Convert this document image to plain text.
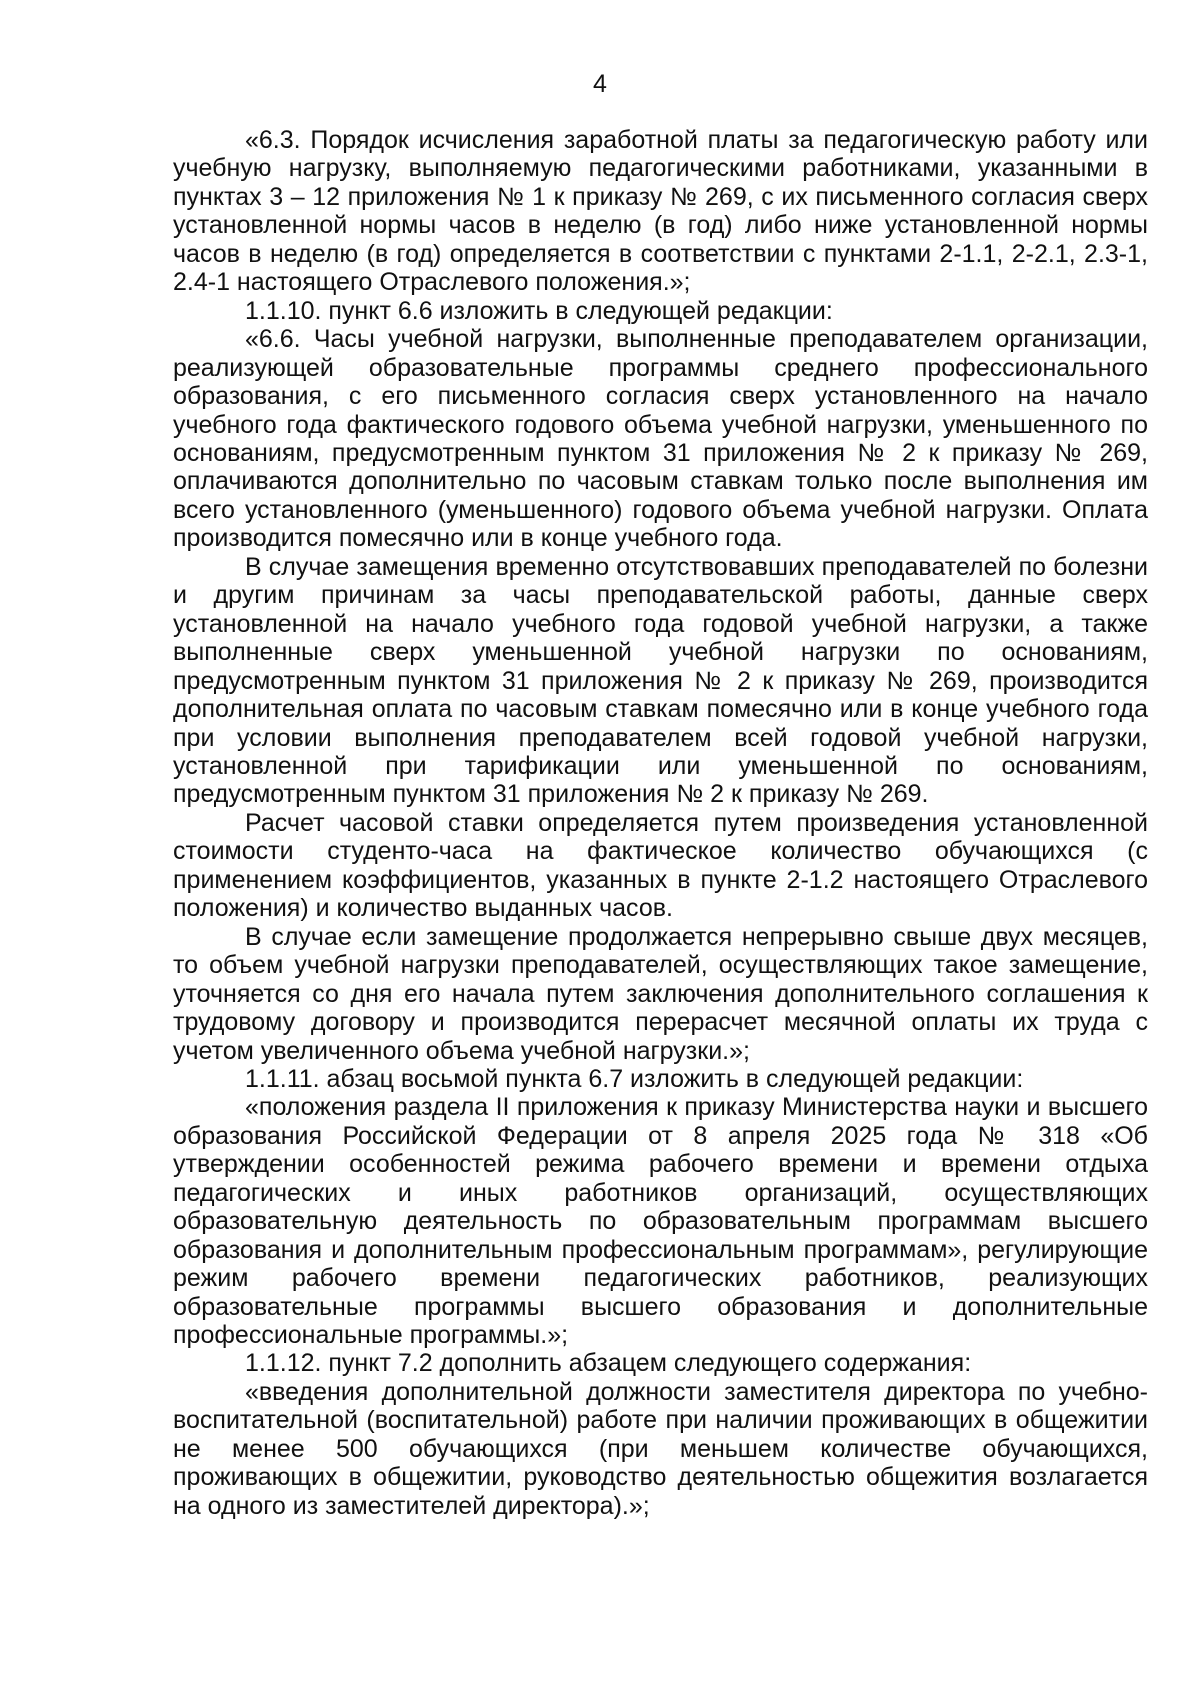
4

«6.3. Порядок исчисления заработной платы за педагогическую работу или учебную нагрузку, выполняемую педагогическими работниками, указанными в пунктах 3 – 12 приложения № 1 к приказу № 269, с их письменного согласия сверх установленной нормы часов в неделю (в год) либо ниже установленной нормы часов в неделю (в год) определяется в соответствии с пунктами 2-1.1, 2-2.1, 2.3-1, 2.4-1 настоящего Отраслевого положения.»;

1.1.10. пункт 6.6 изложить в следующей редакции:

«6.6. Часы учебной нагрузки, выполненные преподавателем организации, реализующей образовательные программы среднего профессионального образования, с его письменного согласия сверх установленного на начало учебного года фактического годового объема учебной нагрузки, уменьшенного по основаниям, предусмотренным пунктом 31 приложения № 2 к приказу № 269, оплачиваются дополнительно по часовым ставкам только после выполнения им всего установленного (уменьшенного) годового объема учебной нагрузки. Оплата производится помесячно или в конце учебного года.

В случае замещения временно отсутствовавших преподавателей по болезни и другим причинам за часы преподавательской работы, данные сверх установленной на начало учебного года годовой учебной нагрузки, а также выполненные сверх уменьшенной учебной нагрузки по основаниям, предусмотренным пунктом 31 приложения № 2 к приказу № 269, производится дополнительная оплата по часовым ставкам помесячно или в конце учебного года при условии выполнения преподавателем всей годовой учебной нагрузки, установленной при тарификации или уменьшенной по основаниям, предусмотренным пунктом 31 приложения № 2 к приказу № 269.

Расчет часовой ставки определяется путем произведения установленной стоимости студенто-часа на фактическое количество обучающихся (с применением коэффициентов, указанных в пункте 2-1.2 настоящего Отраслевого положения) и количество выданных часов.

В случае если замещение продолжается непрерывно свыше двух месяцев, то объем учебной нагрузки преподавателей, осуществляющих такое замещение, уточняется со дня его начала путем заключения дополнительного соглашения к трудовому договору и производится перерасчет месячной оплаты их труда с учетом увеличенного объема учебной нагрузки.»;

1.1.11. абзац восьмой пункта 6.7 изложить в следующей редакции:

«положения раздела II приложения к приказу Министерства науки и высшего образования Российской Федерации от 8 апреля 2025 года № 318 «Об утверждении особенностей режима рабочего времени и времени отдыха педагогических и иных работников организаций, осуществляющих образовательную деятельность по образовательным программам высшего образования и дополнительным профессиональным программам», регулирующие режим рабочего времени педагогических работников, реализующих образовательные программы высшего образования и дополнительные профессиональные программы.»;

1.1.12. пункт 7.2 дополнить абзацем следующего содержания:

«введения дополнительной должности заместителя директора по учебно-воспитательной (воспитательной) работе при наличии проживающих в общежитии не менее 500 обучающихся (при меньшем количестве обучающихся, проживающих в общежитии, руководство деятельностью общежития возлагается на одного из заместителей директора).»;
